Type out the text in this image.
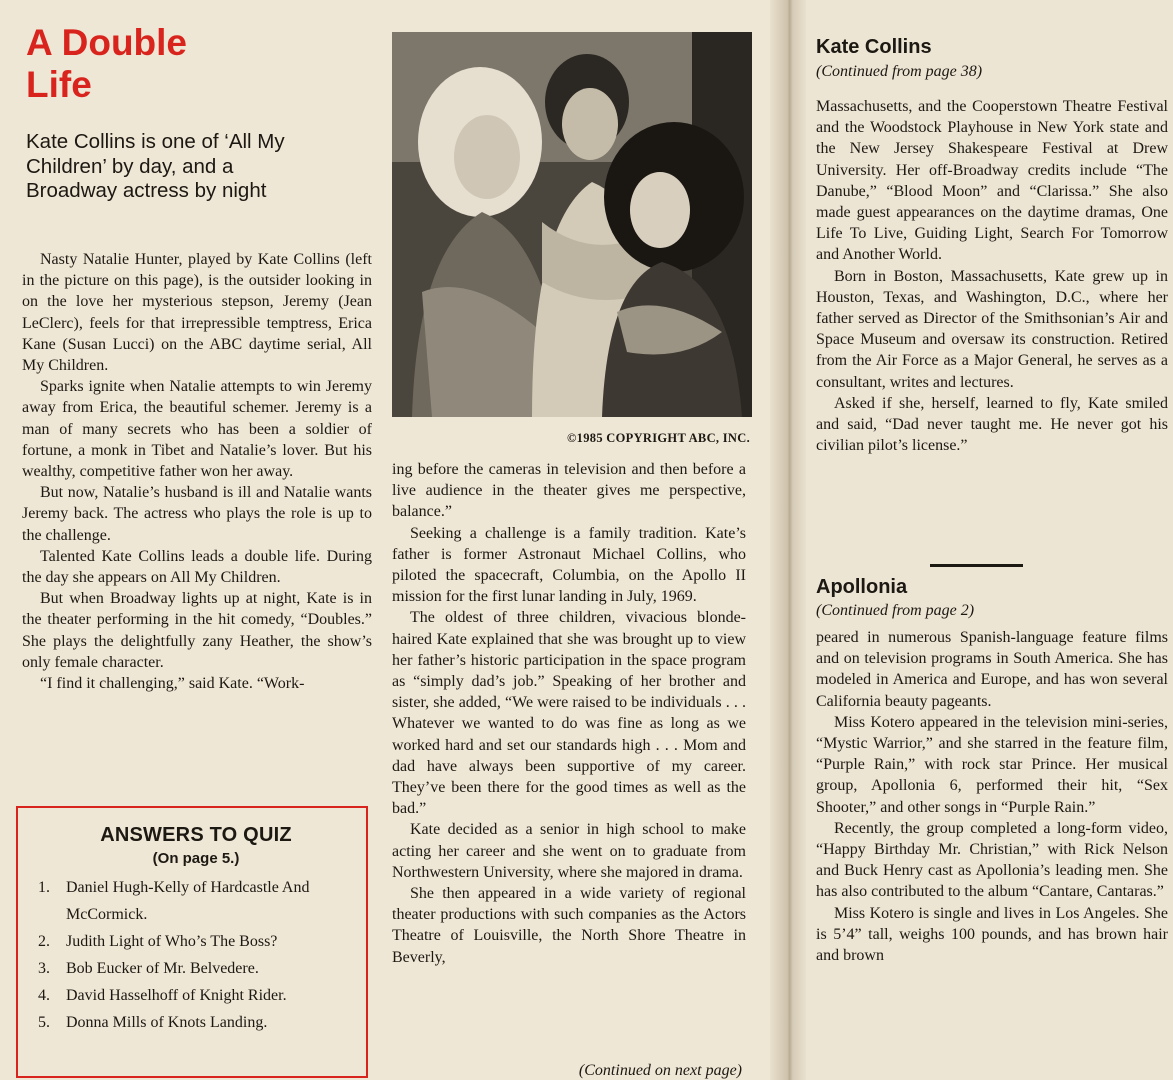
A Double
Life
Kate Collins is one of ‘All My Children’ by day, and a Broadway actress by night

Nasty Natalie Hunter, played by Kate Collins (left in the picture on this page), is the outsider looking in on the love her mysterious stepson, Jeremy (Jean LeClerc), feels for that irrepressible temptress, Erica Kane (Susan Lucci) on the ABC daytime serial, All My Children.

Sparks ignite when Natalie attempts to win Jeremy away from Erica, the beautiful schemer. Jeremy is a man of many secrets who has been a soldier of fortune, a monk in Tibet and Natalie’s lover. But his wealthy, competitive father won her away.

But now, Natalie’s husband is ill and Natalie wants Jeremy back. The actress who plays the role is up to the challenge.

Talented Kate Collins leads a double life. During the day she appears on All My Children.

But when Broadway lights up at night, Kate is in the theater performing in the hit comedy, “Doubles.” She plays the delightfully zany Heather, the show’s only female character.

“I find it challenging,” said Kate. “Work-

©1985 COPYRIGHT ABC, INC.

ing before the cameras in television and then before a live audience in the theater gives me perspective, balance.”

Seeking a challenge is a family tradition. Kate’s father is former Astronaut Michael Collins, who piloted the spacecraft, Columbia, on the Apollo II mission for the first lunar landing in July, 1969.

The oldest of three children, vivacious blonde-haired Kate explained that she was brought up to view her father’s historic participation in the space program as “simply dad’s job.” Speaking of her brother and sister, she added, “We were raised to be individuals . . . Whatever we wanted to do was fine as long as we worked hard and set our standards high . . . Mom and dad have always been supportive of my career. They’ve been there for the good times as well as the bad.”

Kate decided as a senior in high school to make acting her career and she went on to graduate from Northwestern University, where she majored in drama.

She then appeared in a wide variety of regional theater productions with such companies as the Actors Theatre of Louisville, the North Shore Theatre in Beverly,

(Continued on next page)
ANSWERS TO QUIZ
(On page 5.)
1. Daniel Hugh-Kelly of Hardcastle And McCormick.
2. Judith Light of Who’s The Boss?
3. Bob Eucker of Mr. Belvedere.
4. David Hasselhoff of Knight Rider.
5. Donna Mills of Knots Landing.
Kate Collins
(Continued from page 38)

Massachusetts, and the Cooperstown Theatre Festival and the Woodstock Playhouse in New York state and the New Jersey Shakespeare Festival at Drew University. Her off-Broadway credits include “The Danube,” “Blood Moon” and “Clarissa.” She also made guest appearances on the daytime dramas, One Life To Live, Guiding Light, Search For Tomorrow and Another World.

Born in Boston, Massachusetts, Kate grew up in Houston, Texas, and Washington, D.C., where her father served as Director of the Smithsonian’s Air and Space Museum and oversaw its construction. Retired from the Air Force as a Major General, he serves as a consultant, writes and lectures.

Asked if she, herself, learned to fly, Kate smiled and said, “Dad never taught me. He never got his civilian pilot’s license.”

Apollonia
(Continued from page 2)

peared in numerous Spanish-language feature films and on television programs in South America. She has modeled in America and Europe, and has won several California beauty pageants.

Miss Kotero appeared in the television mini-series, “Mystic Warrior,” and she starred in the feature film, “Purple Rain,” with rock star Prince. Her musical group, Apollonia 6, performed their hit, “Sex Shooter,” and other songs in “Purple Rain.”

Recently, the group completed a long-form video, “Happy Birthday Mr. Christian,” with Rick Nelson and Buck Henry cast as Apollonia’s leading men. She has also contributed to the album “Cantare, Cantaras.”

Miss Kotero is single and lives in Los Angeles. She is 5’4” tall, weighs 100 pounds, and has brown hair and brown
